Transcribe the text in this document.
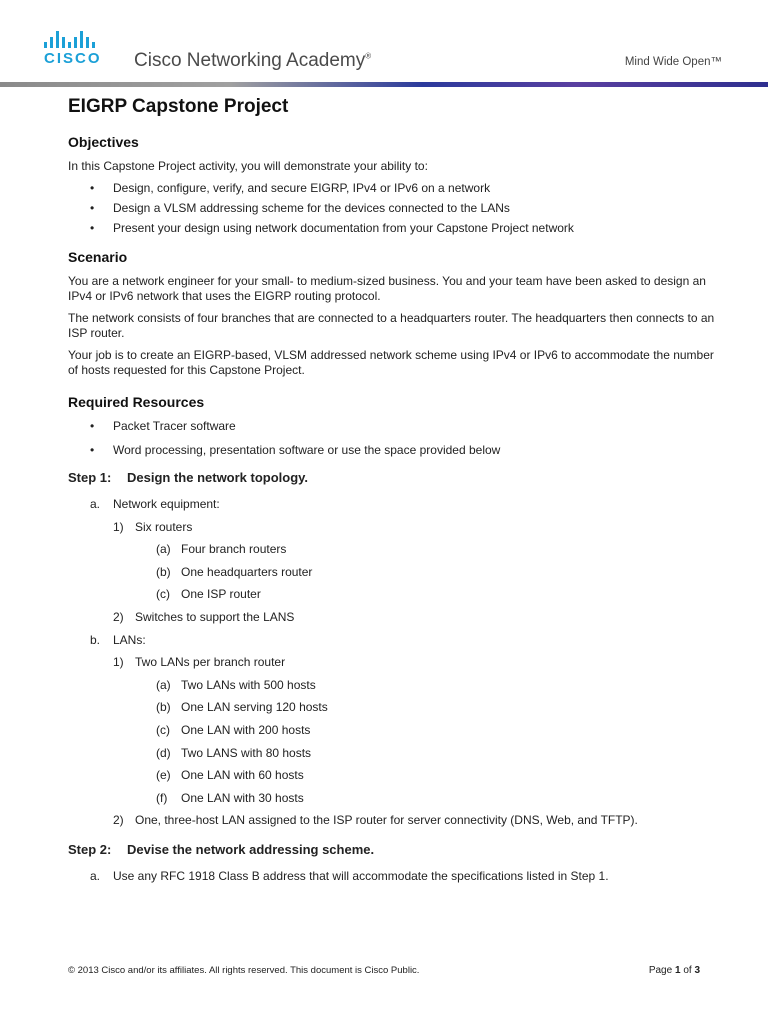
CISCO Cisco Networking Academy®	Mind Wide Open™
EIGRP Capstone Project
Objectives

In this Capstone Project activity, you will demonstrate your ability to:

• Design, configure, verify, and secure EIGRP, IPv4 or IPv6 on a network
• Design a VLSM addressing scheme for the devices connected to the LANs
• Present your design using network documentation from your Capstone Project network
Scenario

You are a network engineer for your small- to medium-sized business. You and your team have been asked to design an IPv4 or IPv6 network that uses the EIGRP routing protocol.

The network consists of four branches that are connected to a headquarters router. The headquarters then connects to an ISP router.

Your job is to create an EIGRP-based, VLSM addressed network scheme using IPv4 or IPv6 to accommodate the number of hosts requested for this Capstone Project.

Required Resources
• Packet Tracer software
• Word processing, presentation software or use the space provided below
Step 1: Design the network topology.
a.	Network equipment:
1) Six routers
(a) Four branch routers
(b) One headquarters router
(c) One ISP router
2) Switches to support the LANS
b.	LANs:
1) Two LANs per branch router
(a) Two LANs with 500 hosts
(b) One LAN serving 120 hosts
(c) One LAN with 200 hosts
(d) Two LANS with 80 hosts
(e) One LAN with 60 hosts
(f)	One LAN with 30 hosts
2) One, three-host LAN assigned to the ISP router for server connectivity (DNS, Web, and TFTP).
Step 2: Devise the network addressing scheme.
a.	Use any RFC 1918 Class B address that will accommodate the specifications listed in Step 1.
© 2013 Cisco and/or its affiliates. All rights reserved. This document is Cisco Public.	Page 1 of 3
